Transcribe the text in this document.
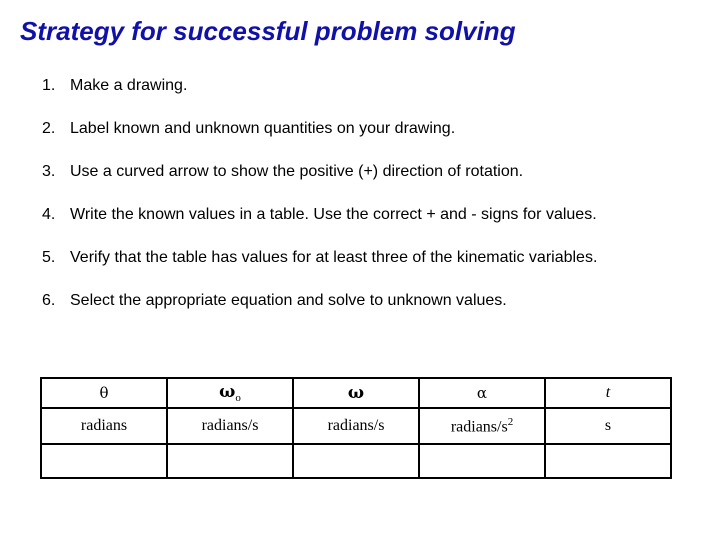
Strategy for successful problem solving
1. Make a drawing.
2. Label known and unknown quantities on your drawing.
3. Use a curved arrow to show the positive (+) direction of rotation.
4. Write the known values in a table. Use the correct + and - signs for values.
5. Verify that the table has values for at least three of the kinematic variables.
6. Select the appropriate equation and solve to unknown values.
θ	$\omega_o$	ω	α	t
radians	radians/s	radians/s	radians/$s^2$	s
